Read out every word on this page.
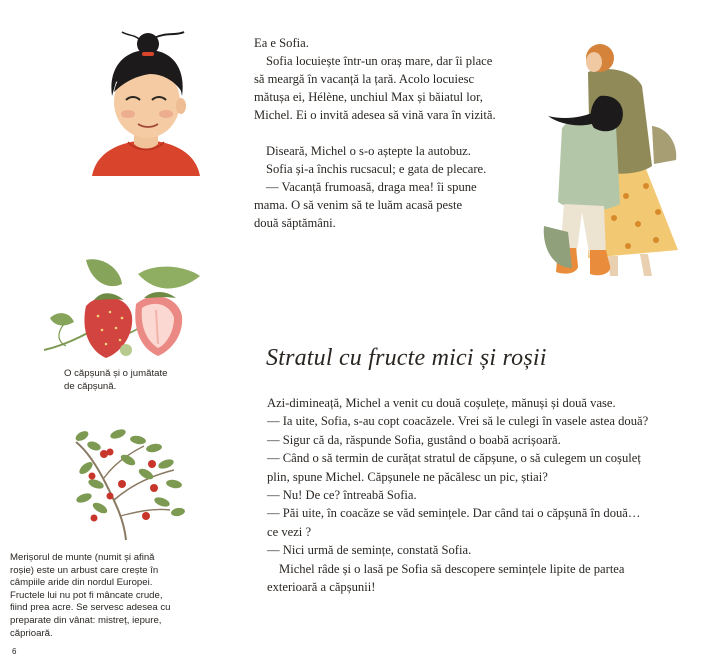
Ea e Sofia.
Sofia locuiește într-un oraș mare, dar îi place
să meargă în vacanță la țară. Acolo locuiesc
mătușa ei, Hélène, unchiul Max și băiatul lor,
Michel. Ei o invită adesea să vină vara în vizită.

Diseară, Michel o s-o aștepte la autobuz.
Sofia și-a închis rucsacul; e gata de plecare.
— Vacanță frumoasă, draga mea! îi spune
mama. O să venim să te luăm acasă peste
două săptămâni.

O căpșună și o jumătate
de căpșună.
Merișorul de munte (numit și afină
roșie) este un arbust care crește în
câmpiile aride din nordul Europei.
Fructele lui nu pot fi mâncate crude,
fiind prea acre. Se servesc adesea cu
preparate din vânat: mistreț, iepure,
căprioară.
Stratul cu fructe mici și roșii

Azi-dimineață, Michel a venit cu două coșulețe, mănuși și două vase.
— Ia uite, Sofia, s-au copt coacăzele. Vrei să le culegi în vasele astea două?
— Sigur că da, răspunde Sofia, gustând o boabă acrișoară.
— Când o să termin de curățat stratul de căpșune, o să culegem un coșuleț
plin, spune Michel. Căpșunele ne păcălesc un pic, știai?
— Nu! De ce? întreabă Sofia.
— Păi uite, în coacăze se văd semințele. Dar când tai o căpșună în două…
ce vezi ?
— Nici urmă de semințe, constată Sofia.
Michel râde și o lasă pe Sofia să descopere semințele lipite de partea
exterioară a căpșunii!

6
